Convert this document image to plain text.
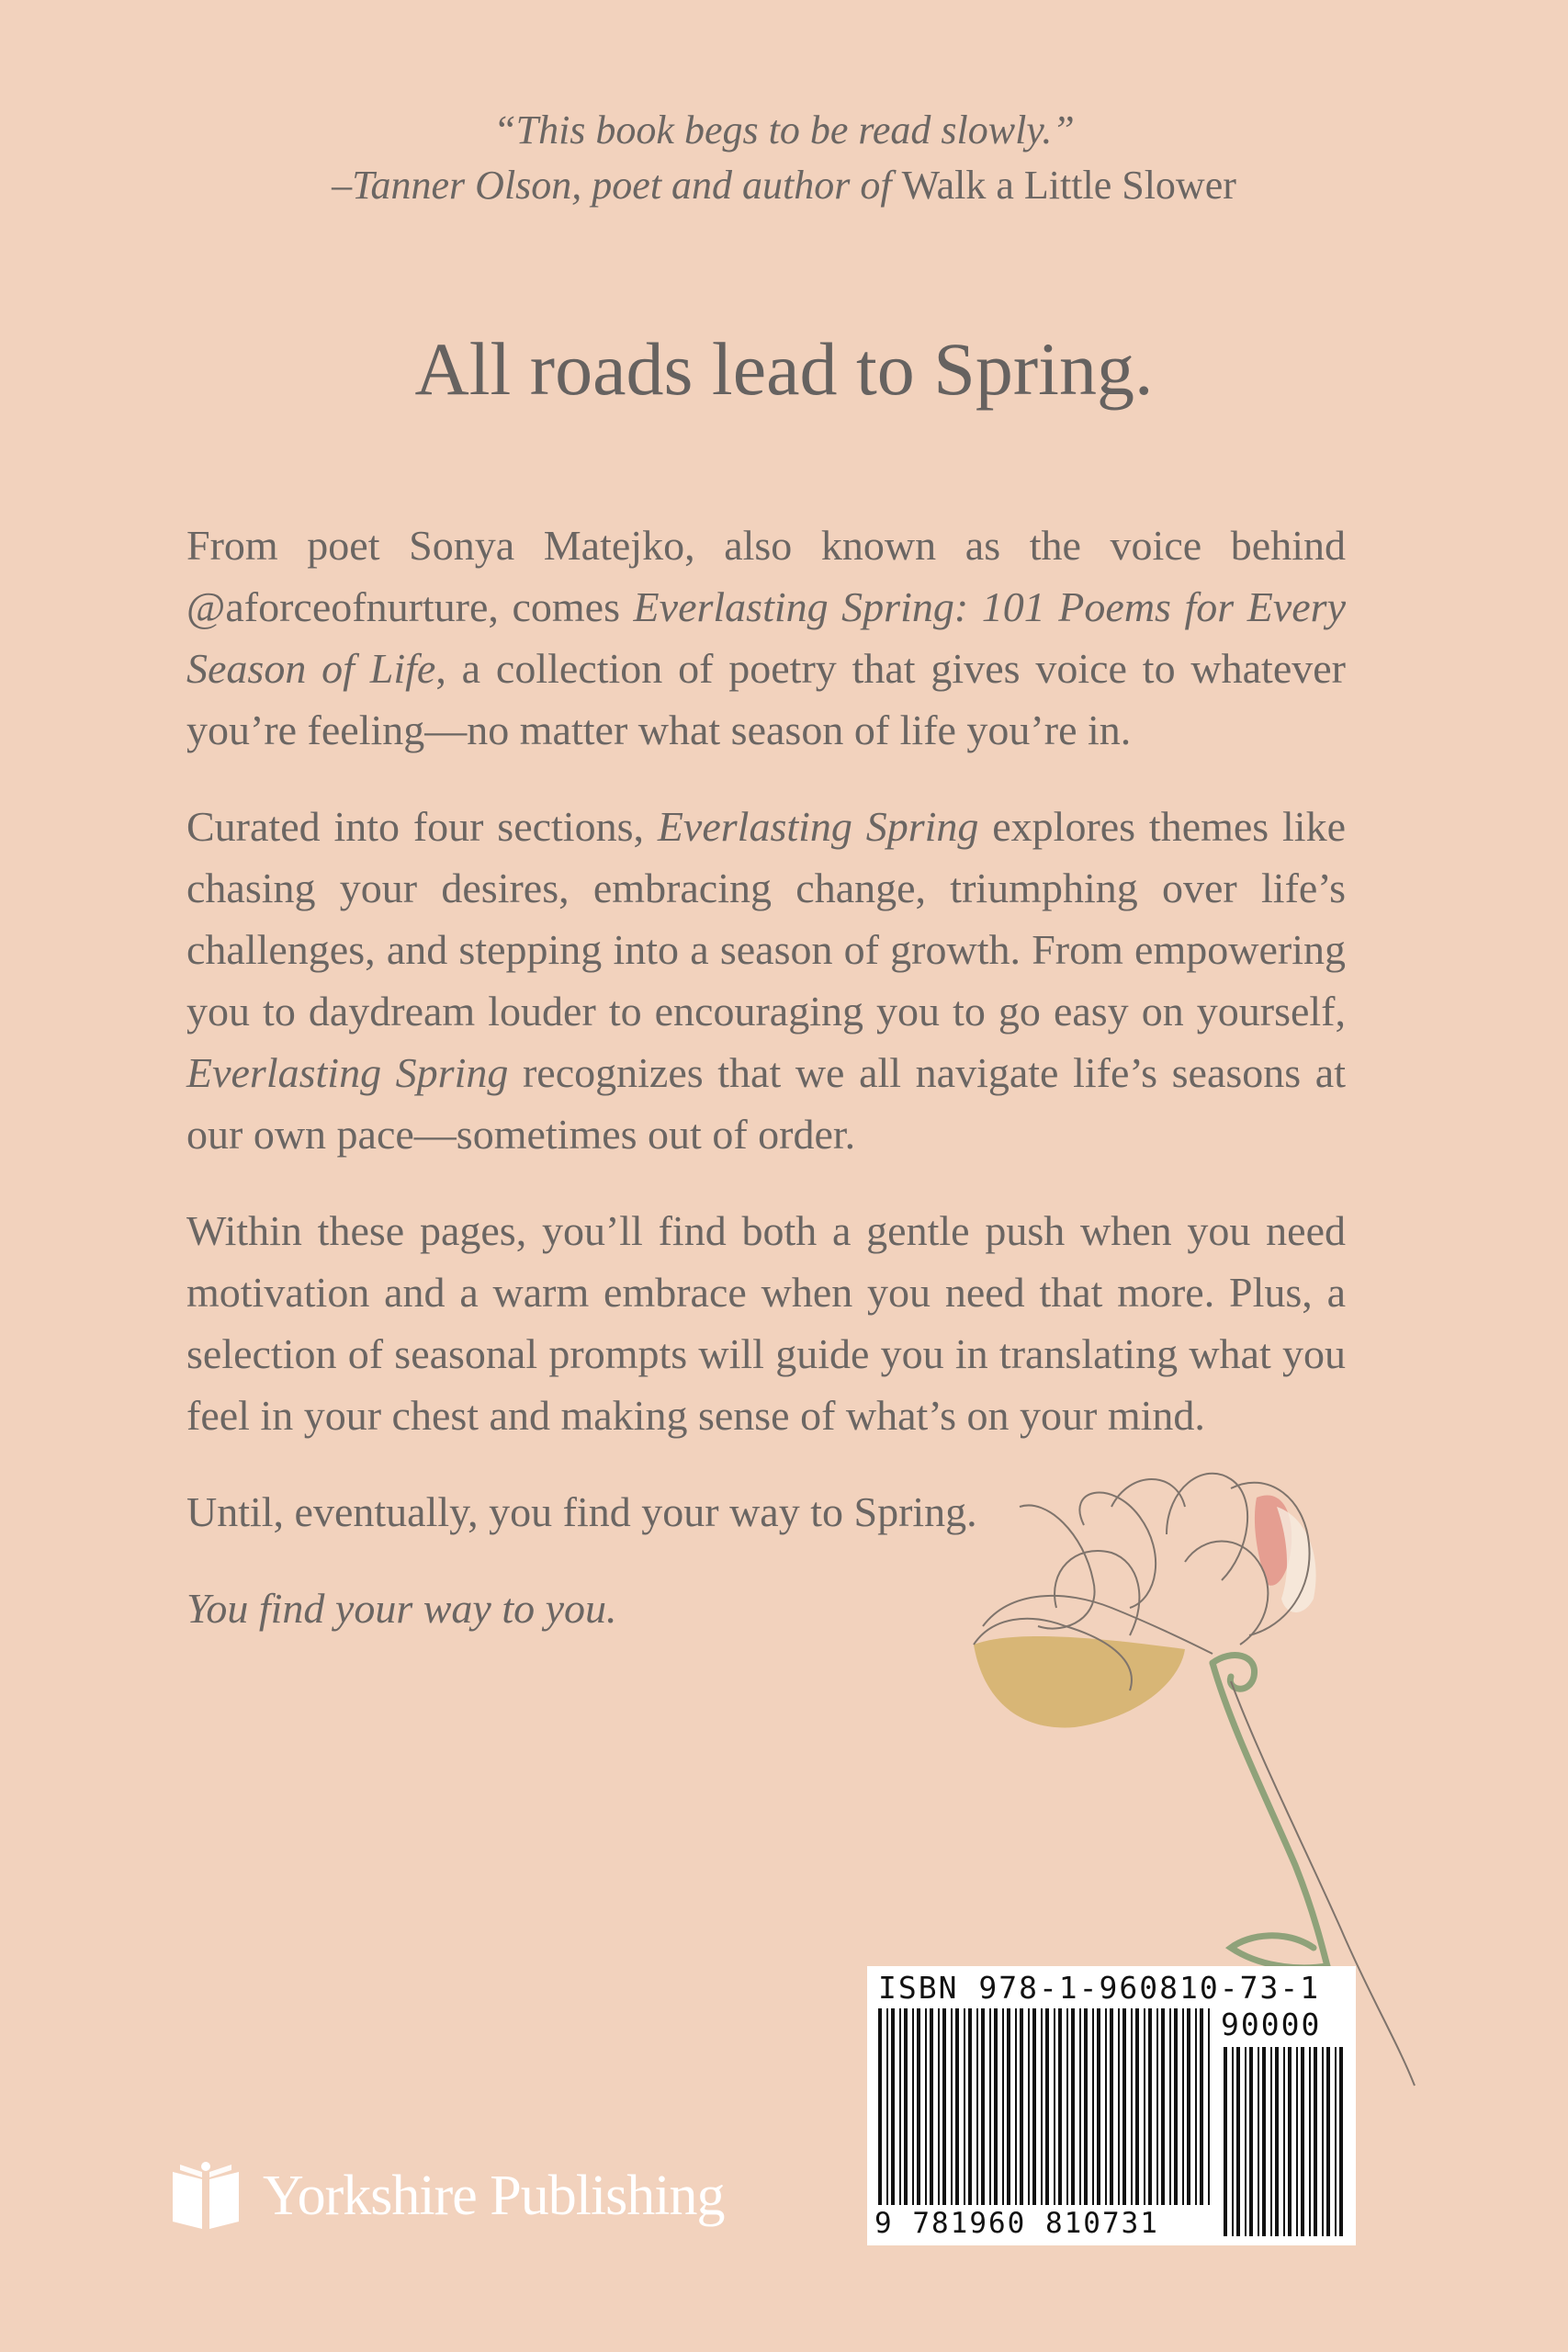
“This book begs to be read slowly.”
–Tanner Olson, poet and author of Walk a Little Slower
All roads lead to Spring.

From poet Sonya Matejko, also known as the voice behind @aforceofnurture, comes Everlasting Spring: 101 Poems for Every Season of Life, a collection of poetry that gives voice to whatever you’re feeling—no matter what season of life you’re in.

Curated into four sections, Everlasting Spring explores themes like chasing your desires, embracing change, triumphing over life’s challenges, and stepping into a season of growth. From empowering you to daydream louder to encouraging you to go easy on yourself, Everlasting Spring recognizes that we all navigate life’s seasons at our own pace—sometimes out of order.

Within these pages, you’ll find both a gentle push when you need motivation and a warm embrace when you need that more. Plus, a selection of seasonal prompts will guide you in translating what you feel in your chest and making sense of what’s on your mind.

Until, eventually, you find your way to Spring.

You find your way to you.

Yorkshire Publishing
ISBN 978-1-960810-73-1
90000
9 781960 810731
